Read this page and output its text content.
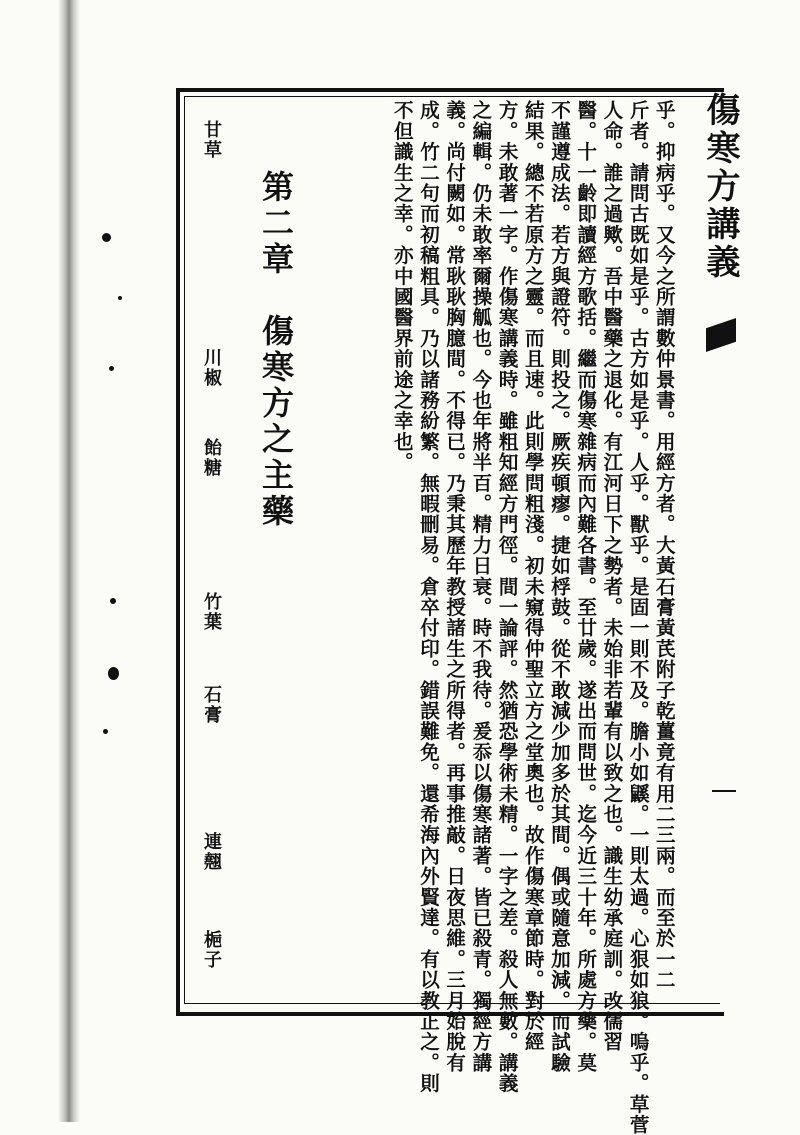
傷寒方講義

乎。抑病乎。又今之所謂數仲景書。用經方者。大黃石膏黃芪附子乾薑竟有用二三兩。而至於一二
斤者。請問古既如是乎。古方如是乎。人乎。獸乎。是固一則不及。膽小如鼷。一則太過。心狠如狼。嗚乎。草菅
人命。誰之過歟。吾中醫藥之退化。有江河日下之勢者。未始非若輩有以致之也。識生幼承庭訓。改儒習
醫。十一齡即讀經方歌括。繼而傷寒雜病而內難各書。至廿歲。遂出而問世。迄今近三十年。所處方藥。莫
不謹遵成法。若方與證符。則投之。厥疾頓瘳。捷如桴鼓。從不敢減少加多於其間。偶或隨意加減。而試驗
結果。總不若原方之靈。而且速。此則學問粗淺。初未窺得仲聖立方之堂奧也。故作傷寒章節時。對於經
方。未敢著一字。作傷寒講義時。雖粗知經方門徑。間一論評。然猶恐學術未精。一字之差。殺人無數。講義
之編輯。仍未敢率爾操觚也。今也年將半百。精力日衰。時不我待。爰忝以傷寒諸著。皆已殺青。獨經方講
義。尚付闕如。常耿耿胸臆間。不得已。乃秉其歷年教授諸生之所得者。再事推敲。日夜思維。三月始脫有
成。竹二句而初稿粗具。乃以諸務紛繁。無暇刪易。倉卒付印。錯誤難免。還希海內外賢達。有以教正之。則
不但識生之幸。亦中國醫界前途之幸也。

第二章　傷寒方之主藥
甘草
川椒
飴糖
竹葉
石膏
連翹
梔子
